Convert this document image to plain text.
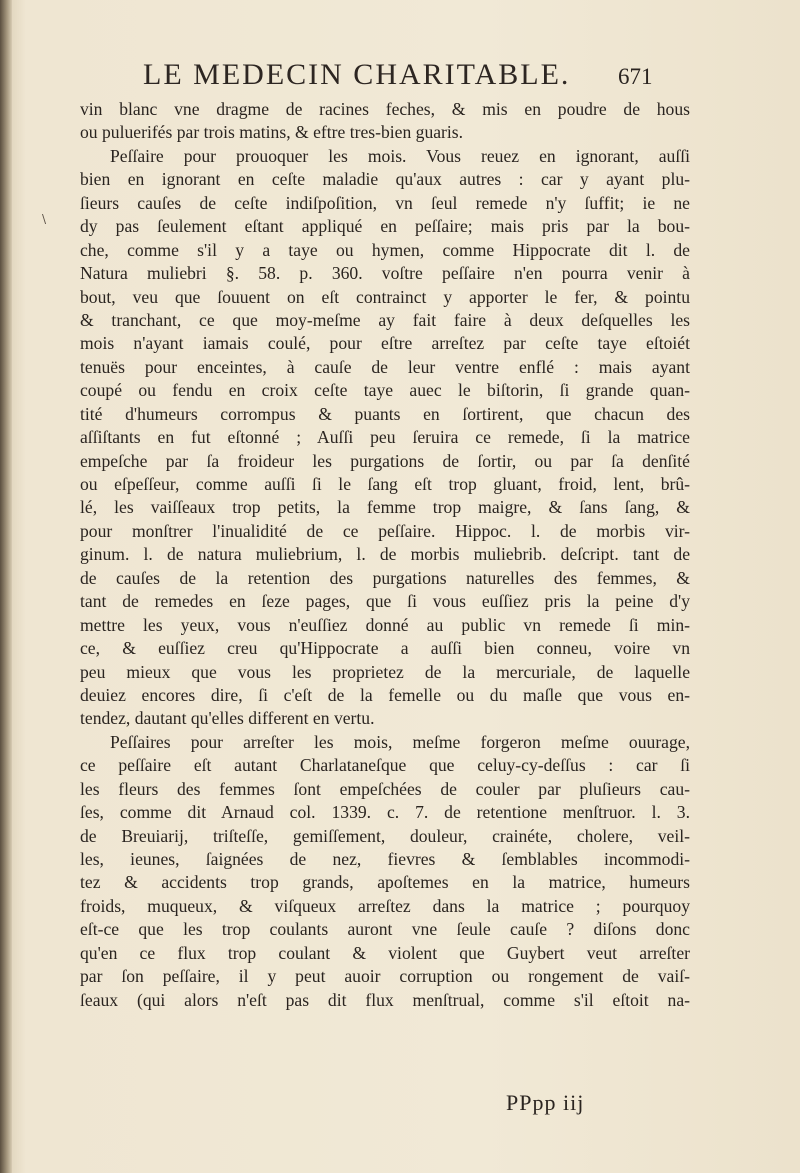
LE MEDECIN CHARITABLE. 671
\
vin blanc vne dragme de racines feches, & mis en poudre de hous
ou puluerifés par trois matins, & eftre tres-bien guaris.
Peſſaire pour prouoquer les mois. Vous reuez en ignorant, auſſi
bien en ignorant en ceſte maladie qu'aux autres : car y ayant plu-
ſieurs cauſes de ceſte indiſpoſition, vn ſeul remede n'y ſuffit; ie ne
dy pas ſeulement eſtant appliqué en peſſaire; mais pris par la bou-
che, comme s'il y a taye ou hymen, comme Hippocrate dit l. de
Natura muliebri §. 58. p. 360. voſtre peſſaire n'en pourra venir à
bout, veu que ſouuent on eſt contrainct y apporter le fer, & pointu
& tranchant, ce que moy-meſme ay fait faire à deux deſquelles les
mois n'ayant iamais coulé, pour eſtre arreſtez par ceſte taye eſtoiét
tenuës pour enceintes, à cauſe de leur ventre enflé : mais ayant
coupé ou fendu en croix ceſte taye auec le biſtorin, ſi grande quan-
tité d'humeurs corrompus & puants en ſortirent, que chacun des
aſſiſtants en fut eſtonné ; Auſſi peu ſeruira ce remede, ſi la matrice
empeſche par ſa froideur les purgations de ſortir, ou par ſa denſité
ou eſpeſſeur, comme auſſi ſi le ſang eſt trop gluant, froid, lent, brû-
lé, les vaiſſeaux trop petits, la femme trop maigre, & ſans ſang, &
pour monſtrer l'inualidité de ce peſſaire. Hippoc. l. de morbis vir-
ginum. l. de natura muliebrium, l. de morbis muliebrib. deſcript. tant de
de cauſes de la retention des purgations naturelles des femmes, &
tant de remedes en ſeze pages, que ſi vous euſſiez pris la peine d'y
mettre les yeux, vous n'euſſiez donné au public vn remede ſi min-
ce, & euſſiez creu qu'Hippocrate a auſſi bien conneu, voire vn
peu mieux que vous les proprietez de la mercuriale, de laquelle
deuiez encores dire, ſi c'eſt de la femelle ou du maſle que vous en-
tendez, dautant qu'elles different en vertu.
Peſſaires pour arreſter les mois, meſme forgeron meſme ouurage,
ce peſſaire eſt autant Charlataneſque que celuy-cy-deſſus : car ſi
les fleurs des femmes ſont empeſchées de couler par pluſieurs cau-
ſes, comme dit Arnaud col. 1339. c. 7. de retentione menſtruor. l. 3.
de Breuiarij, triſteſſe, gemiſſement, douleur, crainéte, cholere, veil-
les, ieunes, ſaignées de nez, fievres & ſemblables incommodi-
tez & accidents trop grands, apoſtemes en la matrice, humeurs
froids, muqueux, & viſqueux arreſtez dans la matrice ; pourquoy
eſt-ce que les trop coulants auront vne ſeule cauſe ? diſons donc
qu'en ce flux trop coulant & violent que Guybert veut arreſter
par ſon peſſaire, il y peut auoir corruption ou rongement de vaiſ-
ſeaux (qui alors n'eſt pas dit flux menſtrual, comme s'il eſtoit na-
PPpp iij
